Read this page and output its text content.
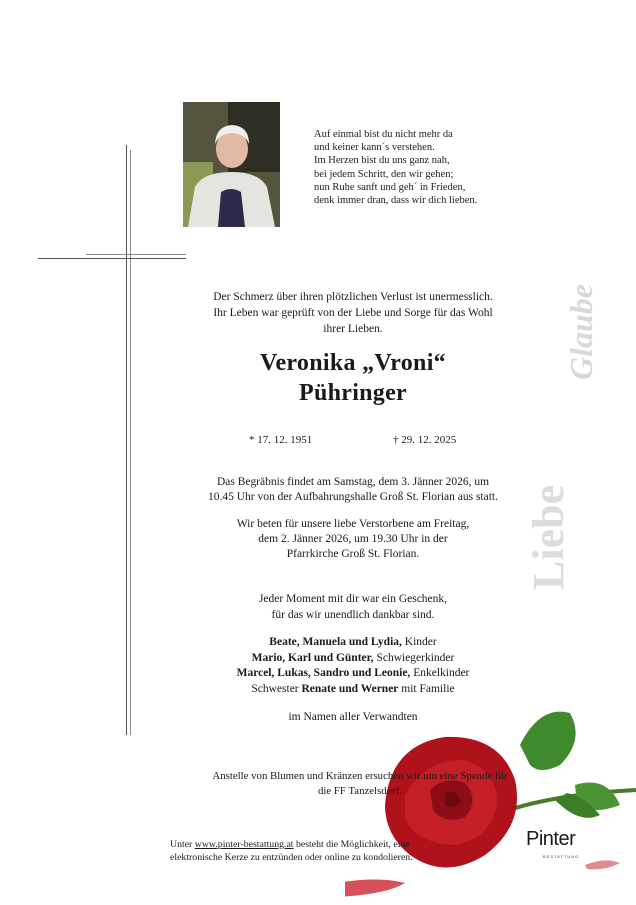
Glaube
Liebe
Auf einmal bist du nicht mehr da
und keiner kann´s verstehen.
Im Herzen bist du uns ganz nah,
bei jedem Schritt, den wir gehen;
nun Ruhe sanft und geh´ in Frieden,
denk immer dran, dass wir dich lieben.
Der Schmerz über ihren plötzlichen Verlust ist unermesslich.
Ihr Leben war geprüft von der Liebe und Sorge für das Wohl
ihrer Lieben.
Veronika „Vroni“
Pühringer
* 17. 12. 1951	† 29. 12. 2025
Das Begräbnis findet am Samstag, dem 3. Jänner 2026, um
10.45 Uhr von der Aufbahrungshalle Groß St. Florian aus statt.
Wir beten für unsere liebe Verstorbene am Freitag,
dem 2. Jänner 2026, um 19.30 Uhr in der
Pfarrkirche Groß St. Florian.
Jeder Moment mit dir war ein Geschenk,
für das wir unendlich dankbar sind.
Beate, Manuela und Lydia, Kinder
Mario, Karl und Günter, Schwiegerkinder
Marcel, Lukas, Sandro und Leonie, Enkelkinder
Schwester Renate und Werner mit Familie
im Namen aller Verwandten
Anstelle von Blumen und Kränzen ersuchen wir um eine Spende für
die FF Tanzelsdorf.
Unter www.pinter-bestattung.at besteht die Möglichkeit, eine
elektronische Kerze zu entzünden oder online zu kondolieren.
Pinter
BESTATTUNG
